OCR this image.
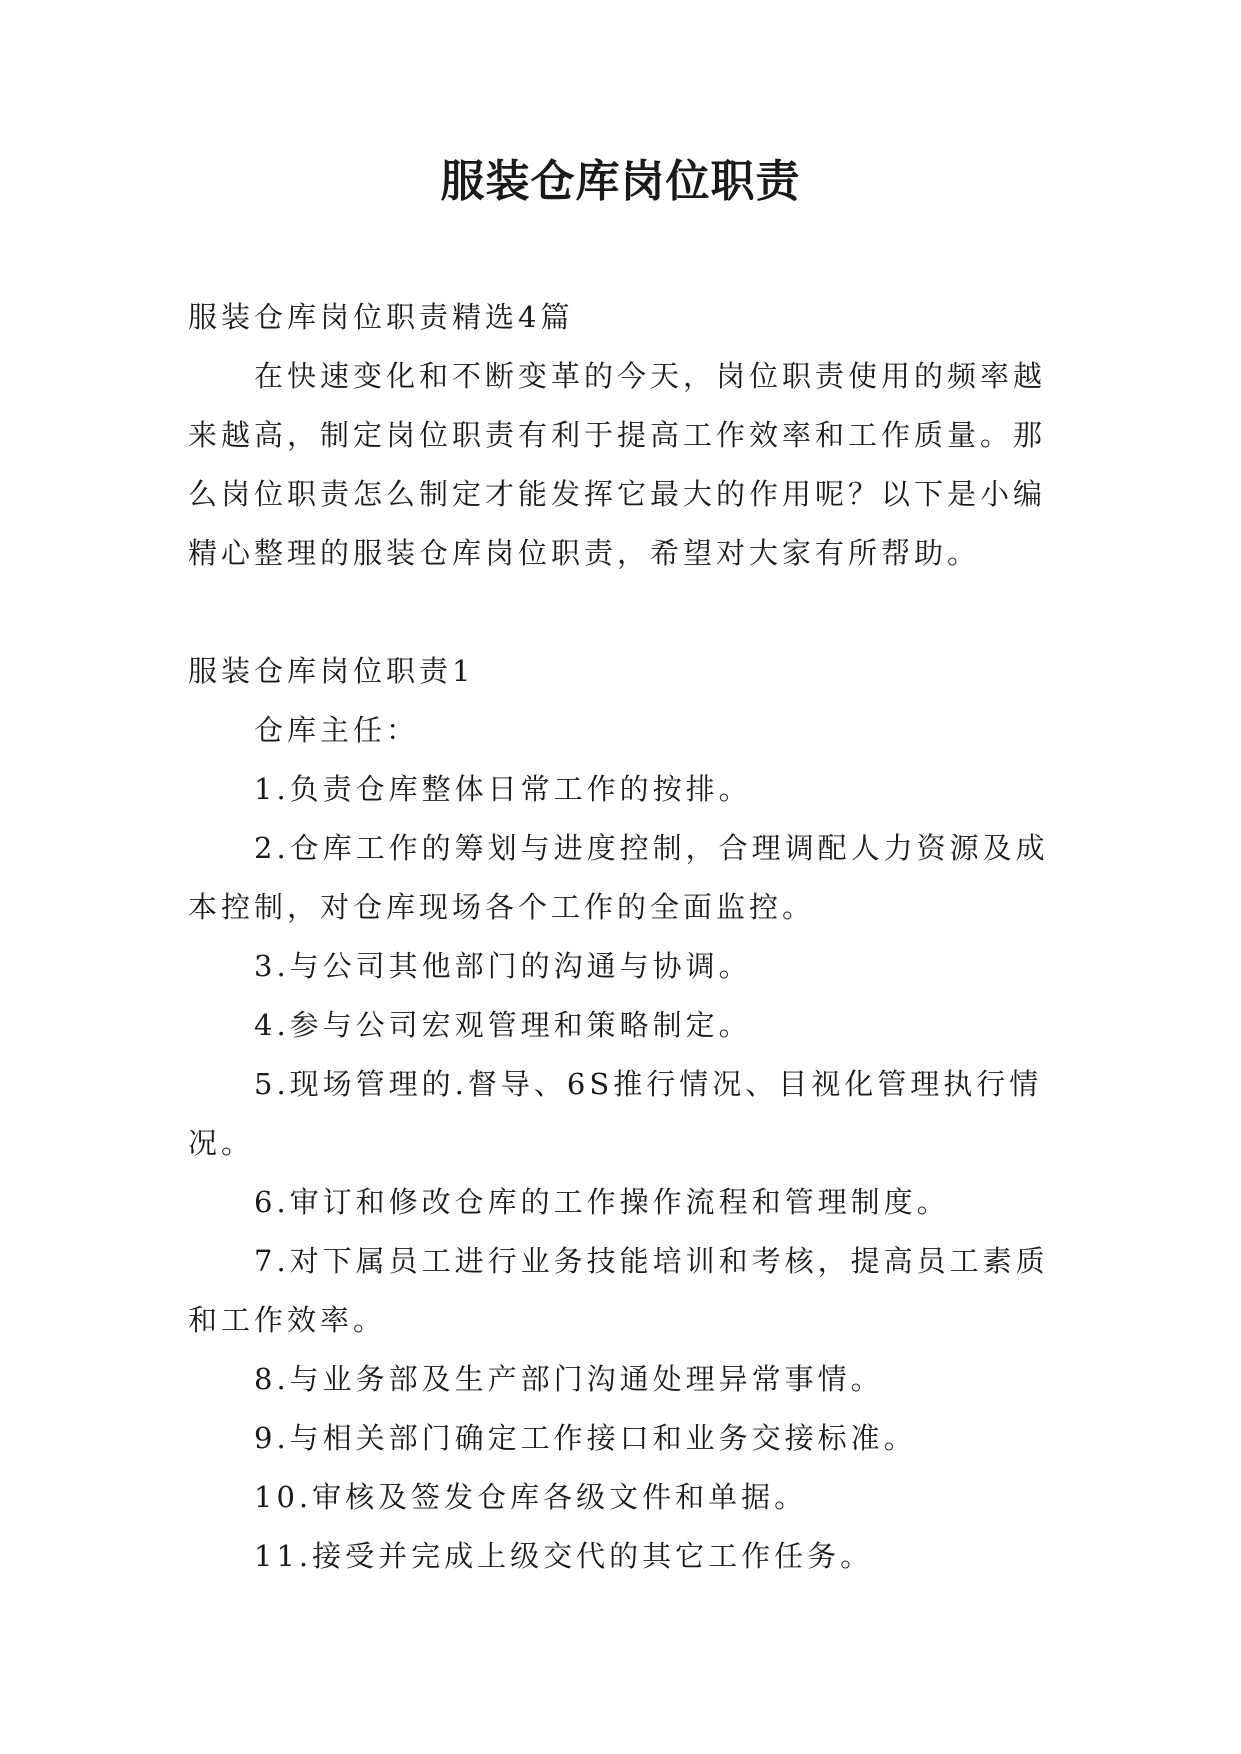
服装仓库岗位职责

服装仓库岗位职责精选4篇

在快速变化和不断变革的今天，岗位职责使用的频率越来越高，制定岗位职责有利于提高工作效率和工作质量。那么岗位职责怎么制定才能发挥它最大的作用呢？以下是小编精心整理的服装仓库岗位职责，希望对大家有所帮助。

服装仓库岗位职责1

仓库主任：

1.负责仓库整体日常工作的按排。

2.仓库工作的筹划与进度控制，合理调配人力资源及成本控制，对仓库现场各个工作的全面监控。

3.与公司其他部门的沟通与协调。

4.参与公司宏观管理和策略制定。

5.现场管理的.督导、6S推行情况、目视化管理执行情况。

6.审订和修改仓库的工作操作流程和管理制度。

7.对下属员工进行业务技能培训和考核，提高员工素质和工作效率。

8.与业务部及生产部门沟通处理异常事情。

9.与相关部门确定工作接口和业务交接标准。

10.审核及签发仓库各级文件和单据。

11.接受并完成上级交代的其它工作任务。
